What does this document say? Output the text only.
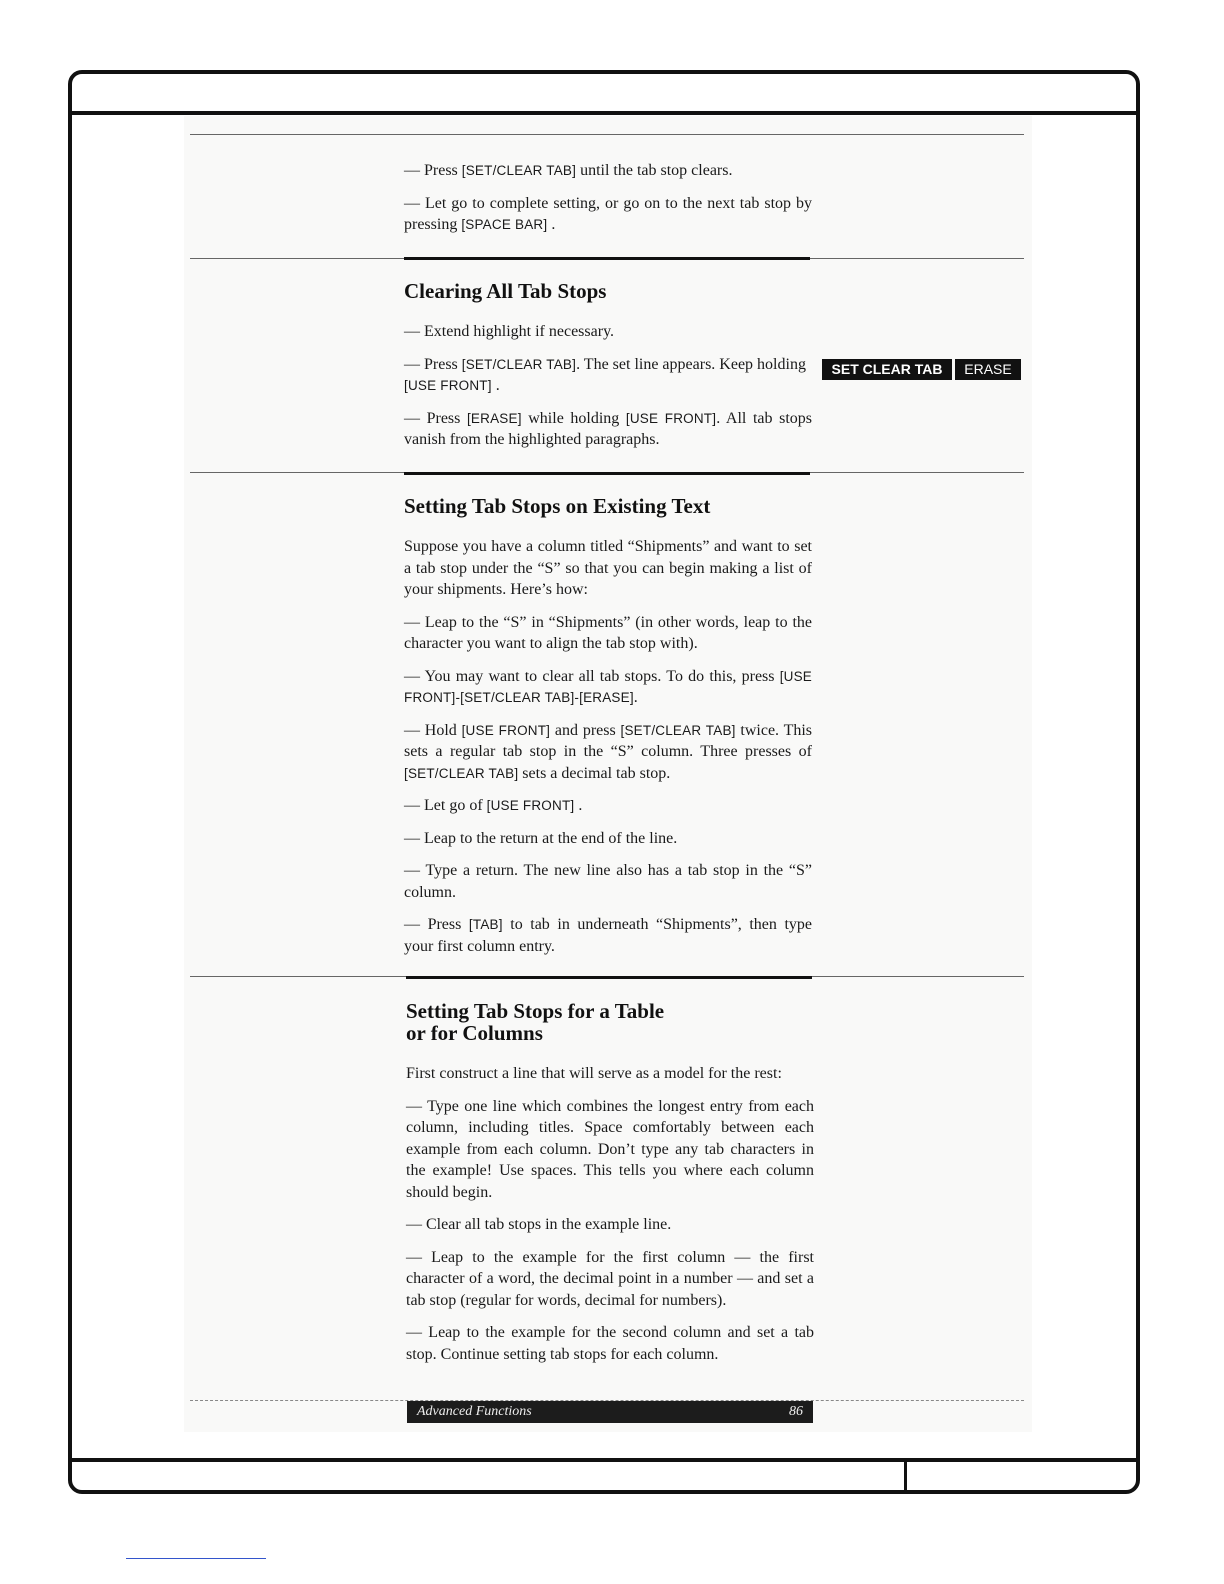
— Press [SET/CLEAR TAB] until the tab stop clears.

— Let go to complete setting, or go on to the next tab stop by pressing [SPACE BAR] .

Clearing All Tab Stops

— Extend highlight if necessary.

— Press [SET/CLEAR TAB]. The set line appears. Keep holding [USE FRONT] .

— Press [ERASE] while holding [USE FRONT]. All tab stops vanish from the highlighted paragraphs.

SET CLEAR TAB	ERASE
Setting Tab Stops on Existing Text

Suppose you have a column titled “Shipments” and want to set a tab stop under the “S” so that you can begin making a list of your shipments. Here’s how:

— Leap to the “S” in “Shipments” (in other words, leap to the character you want to align the tab stop with).

— You may want to clear all tab stops. To do this, press [USE FRONT]-[SET/CLEAR TAB]-[ERASE].

— Hold [USE FRONT] and press [SET/CLEAR TAB] twice. This sets a regular tab stop in the “S” column. Three presses of [SET/CLEAR TAB] sets a decimal tab stop.

— Let go of [USE FRONT] .

— Leap to the return at the end of the line.

— Type a return. The new line also has a tab stop in the “S” column.

— Press [TAB] to tab in underneath “Shipments”, then type your first column entry.

Setting Tab Stops for a Table
or for Columns

First construct a line that will serve as a model for the rest:

— Type one line which combines the longest entry from each column, including titles. Space comfortably between each example from each column. Don’t type any tab characters in the example! Use spaces. This tells you where each column should begin.

— Clear all tab stops in the example line.

— Leap to the example for the first column — the first character of a word, the decimal point in a number — and set a tab stop (regular for words, decimal for numbers).

— Leap to the example for the second column and set a tab stop. Continue setting tab stops for each column.

Advanced Functions	86
